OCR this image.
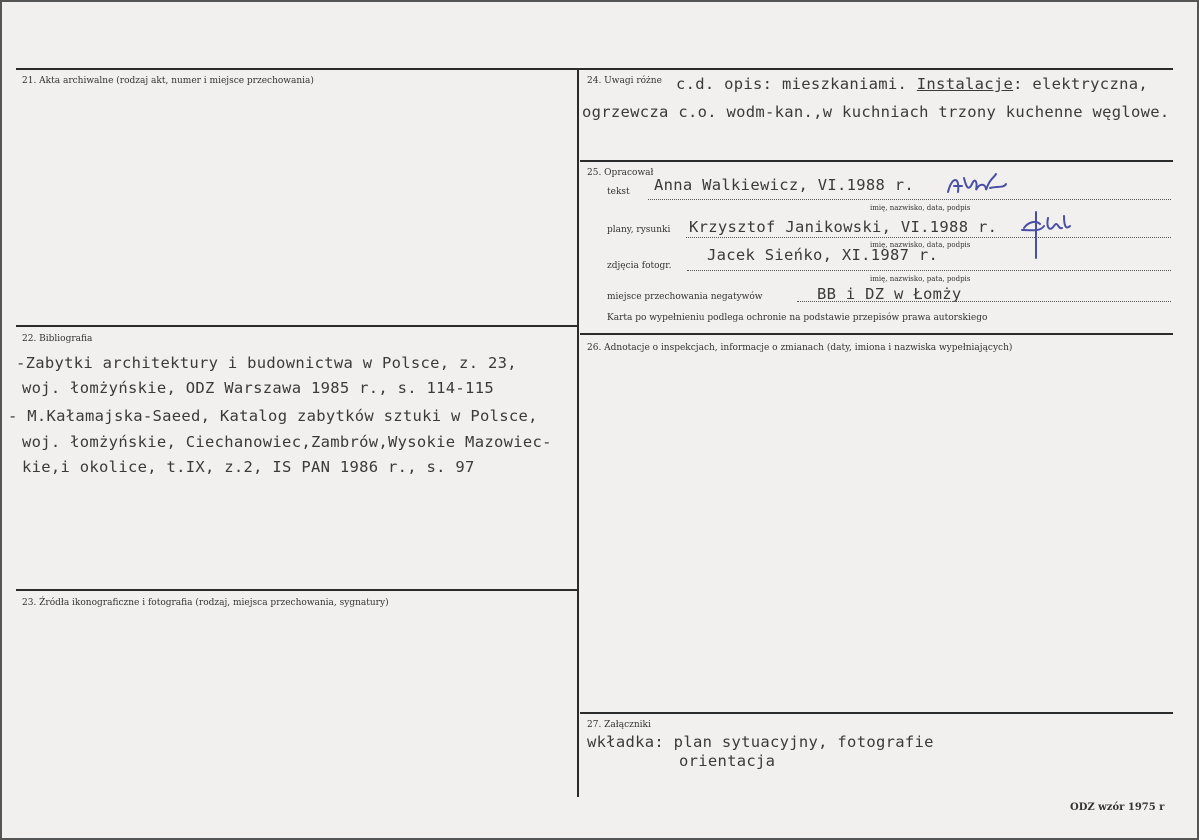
21. Akta archiwalne (rodzaj akt, numer i miejsce przechowania)
22. Bibliografia
-Zabytki architektury i budownictwa w Polsce, z. 23,
woj. łomżyńskie, ODZ Warszawa 1985 r., s. 114-115
- M.Kałamajska-Saeed, Katalog zabytków sztuki w Polsce,
woj. łomżyńskie, Ciechanowiec,Zambrów,Wysokie Mazowiec-
kie,i okolice, t.IX, z.2, IS PAN 1986 r., s. 97
23. Źródła ikonograficzne i fotografia (rodzaj, miejsca przechowania, sygnatury)
24. Uwagi różne c.d. opis: mieszkaniami. Instalacje: elektryczna,
ogrzewcza c.o. wodm-kan.,w kuchniach trzony kuchenne węglowe.
25. Opracował
tekst Anna Walkiewicz, VI.1988 r.
imię, nazwisko, data, podpis
plany, rysunki Krzysztof Janikowski, VI.1988 r.
imię, nazwisko, data, podpis
zdjęcia fotogr.
Jacek Sieńko, XI.1987 r.
imię, nazwisko, pata, podpis
miejsce przechowania negatywów	BB i DZ w Łomży
Karta po wypełnieniu podlega ochronie na podstawie przepisów prawa autorskiego
26. Adnotacje o inspekcjach, informacje o zmianach (daty, imiona i nazwiska wypełniających)
27. Załączniki
wkładka: plan sytuacyjny, fotografie
orientacja
ODZ wzór 1975 r
